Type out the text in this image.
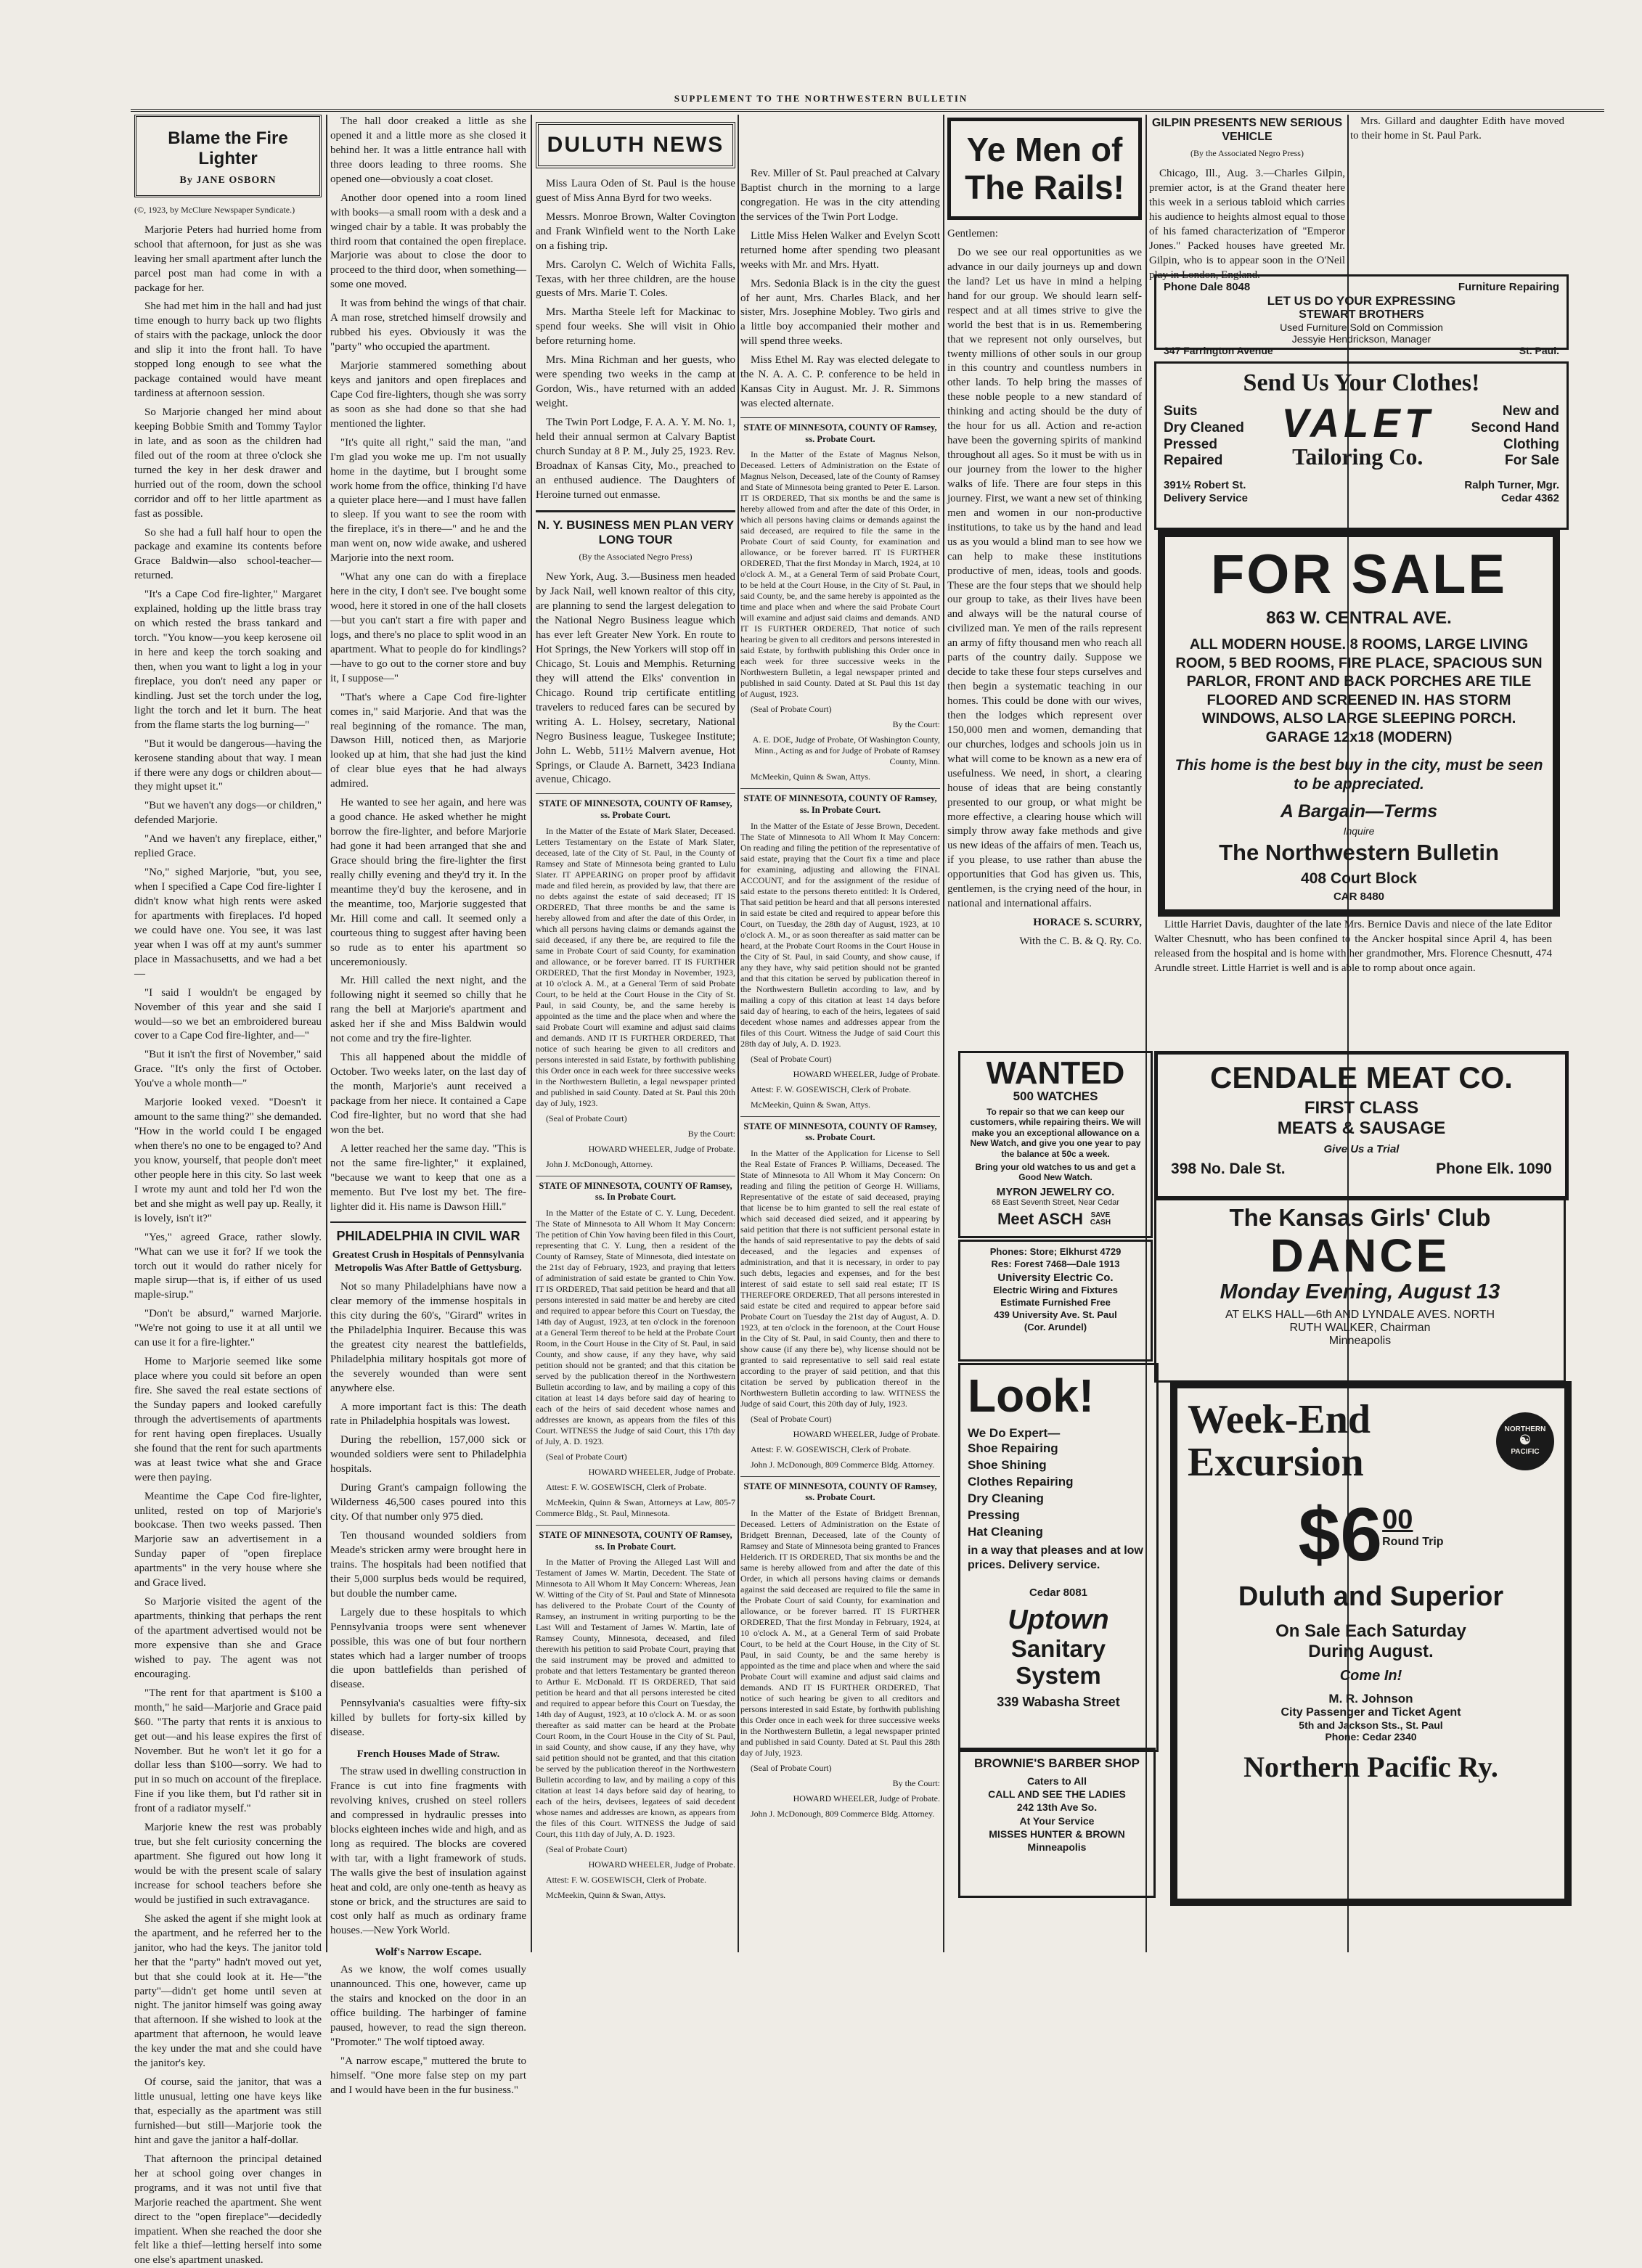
SUPPLEMENT TO THE NORTHWESTERN BULLETIN
Blame the Fire Lighter
By JANE OSBORN
(©, 1923, by McClure Newspaper Syndicate.)

Marjorie Peters had hurried home from school that afternoon, for just as she was leaving her small apartment after lunch the parcel post man had come in with a package for her.

She had met him in the hall and had just time enough to hurry back up two flights of stairs with the package, unlock the door and slip it into the front hall. To have stopped long enough to see what the package contained would have meant tardiness at afternoon session.

So Marjorie changed her mind about keeping Bobbie Smith and Tommy Taylor in late, and as soon as the children had filed out of the room at three o'clock she turned the key in her desk drawer and hurried out of the room, down the school corridor and off to her little apartment as fast as possible.

So she had a full half hour to open the package and examine its contents before Grace Baldwin—also school-teacher—returned.

"It's a Cape Cod fire-lighter," Margaret explained, holding up the little brass tray on which rested the brass tankard and torch. "You know—you keep kerosene oil in here and keep the torch soaking and then, when you want to light a log in your fireplace, you don't need any paper or kindling. Just set the torch under the log, light the torch and let it burn. The heat from the flame starts the log burning—"

"But it would be dangerous—having the kerosene standing about that way. I mean if there were any dogs or children about—they might upset it."

"But we haven't any dogs—or children," defended Marjorie.

"And we haven't any fireplace, either," replied Grace.

"No," sighed Marjorie, "but, you see, when I specified a Cape Cod fire-lighter I didn't know what high rents were asked for apartments with fireplaces. I'd hoped we could have one. You see, it was last year when I was off at my aunt's summer place in Massachusetts, and we had a bet—

"I said I wouldn't be engaged by November of this year and she said I would—so we bet an embroidered bureau cover to a Cape Cod fire-lighter, and—"

"But it isn't the first of November," said Grace. "It's only the first of October. You've a whole month—"

Marjorie looked vexed. "Doesn't it amount to the same thing?" she demanded. "How in the world could I be engaged when there's no one to be engaged to? And you know, yourself, that people don't meet other people here in this city. So last week I wrote my aunt and told her I'd won the bet and she might as well pay up. Really, it is lovely, isn't it?"

"Yes," agreed Grace, rather slowly. "What can we use it for? If we took the torch out it would do rather nicely for maple sirup—that is, if either of us used maple-sirup."

"Don't be absurd," warned Marjorie. "We're not going to use it at all until we can use it for a fire-lighter."

Home to Marjorie seemed like some place where you could sit before an open fire. She saved the real estate sections of the Sunday papers and looked carefully through the advertisements of apartments for rent having open fireplaces. Usually she found that the rent for such apartments was at least twice what she and Grace were then paying.

Meantime the Cape Cod fire-lighter, unlited, rested on top of Marjorie's bookcase. Then two weeks passed. Then Marjorie saw an advertisement in a Sunday paper of "open fireplace apartments" in the very house where she and Grace lived.

So Marjorie visited the agent of the apartments, thinking that perhaps the rent of the apartment advertised would not be more expensive than she and Grace wished to pay. The agent was not encouraging.

"The rent for that apartment is $100 a month," he said—Marjorie and Grace paid $60. "The party that rents it is anxious to get out—and his lease expires the first of November. But he won't let it go for a dollar less than $100—sorry. We had to put in so much on account of the fireplace. Fine if you like them, but I'd rather sit in front of a radiator myself."

Marjorie knew the rest was probably true, but she felt curiosity concerning the apartment. She figured out how long it would be with the present scale of salary increase for school teachers before she would be justified in such extravagance.

She asked the agent if she might look at the apartment, and he referred her to the janitor, who had the keys. The janitor told her that the "party" hadn't moved out yet, but that she could look at it. He—"the party"—didn't get home until seven at night. The janitor himself was going away that afternoon. If she wished to look at the apartment that afternoon, he would leave the key under the mat and she could have the janitor's key.

Of course, said the janitor, that was a little unusual, letting one have keys like that, especially as the apartment was still furnished—but still—Marjorie took the hint and gave the janitor a half-dollar.

That afternoon the principal detained her at school going over changes in programs, and it was not until five that Marjorie reached the apartment. She went direct to the "open fireplace"—decidedly impatient. When she reached the door she felt like a thief—letting herself into some one else's apartment unasked.

The hall door creaked a little as she opened it and a little more as she closed it behind her. It was a little entrance hall with three doors leading to three rooms. She opened one—obviously a coat closet.

Another door opened into a room lined with books—a small room with a desk and a winged chair by a table. It was probably the third room that contained the open fireplace. Marjorie was about to close the door to proceed to the third door, when something—some one moved.

It was from behind the wings of that chair. A man rose, stretched himself drowsily and rubbed his eyes. Obviously it was the "party" who occupied the apartment.

Marjorie stammered something about keys and janitors and open fireplaces and Cape Cod fire-lighters, though she was sorry as soon as she had done so that she had mentioned the lighter.

"It's quite all right," said the man, "and I'm glad you woke me up. I'm not usually home in the daytime, but I brought some work home from the office, thinking I'd have a quieter place here—and I must have fallen to sleep. If you want to see the room with the fireplace, it's in there—" and he and the man went on, now wide awake, and ushered Marjorie into the next room.

"What any one can do with a fireplace here in the city, I don't see. I've bought some wood, here it stored in one of the hall closets—but you can't start a fire with paper and logs, and there's no place to split wood in an apartment. What to people do for kindlings?—have to go out to the corner store and buy it, I suppose—"

"That's where a Cape Cod fire-lighter comes in," said Marjorie. And that was the real beginning of the romance. The man, Dawson Hill, noticed then, as Marjorie looked up at him, that she had just the kind of clear blue eyes that he had always admired.

He wanted to see her again, and here was a good chance. He asked whether he might borrow the fire-lighter, and before Marjorie had gone it had been arranged that she and Grace should bring the fire-lighter the first really chilly evening and they'd try it. In the meantime they'd buy the kerosene, and in the meantime, too, Marjorie suggested that Mr. Hill come and call. It seemed only a courteous thing to suggest after having been so rude as to enter his apartment so unceremoniously.

Mr. Hill called the next night, and the following night it seemed so chilly that he rang the bell at Marjorie's apartment and asked her if she and Miss Baldwin would not come and try the fire-lighter.

This all happened about the middle of October. Two weeks later, on the last day of the month, Marjorie's aunt received a package from her niece. It contained a Cape Cod fire-lighter, but no word that she had won the bet.

A letter reached her the same day. "This is not the same fire-lighter," it explained, "because we want to keep that one as a memento. But I've lost my bet. The fire-lighter did it. His name is Dawson Hill."

PHILADELPHIA IN CIVIL WAR
Greatest Crush in Hospitals of Pennsylvania Metropolis Was After Battle of Gettysburg.

Not so many Philadelphians have now a clear memory of the immense hospitals in this city during the 60's, "Girard" writes in the Philadelphia Inquirer. Because this was the greatest city nearest the battlefields, Philadelphia military hospitals got more of the severely wounded than were sent anywhere else.

A more important fact is this: The death rate in Philadelphia hospitals was lowest.

During the rebellion, 157,000 sick or wounded soldiers were sent to Philadelphia hospitals.

During Grant's campaign following the Wilderness 46,500 cases poured into this city. Of that number only 975 died.

Ten thousand wounded soldiers from Meade's stricken army were brought here in trains. The hospitals had been notified that their 5,000 surplus beds would be required, but double the number came.

Largely due to these hospitals to which Pennsylvania troops were sent whenever possible, this was one of but four northern states which had a larger number of troops die upon battlefields than perished of disease.

Pennsylvania's casualties were fifty-six killed by bullets for forty-six killed by disease.

French Houses Made of Straw.

The straw used in dwelling construction in France is cut into fine fragments with revolving knives, crushed on steel rollers and compressed in hydraulic presses into blocks eighteen inches wide and high, and as long as required. The blocks are covered with tar, with a light framework of studs. The walls give the best of insulation against heat and cold, are only one-tenth as heavy as stone or brick, and the structures are said to cost only half as much as ordinary frame houses.—New York World.

Wolf's Narrow Escape.

As we know, the wolf comes usually unannounced. This one, however, came up the stairs and knocked on the door in an office building. The harbinger of famine paused, however, to read the sign thereon. "Promoter." The wolf tiptoed away.

"A narrow escape," muttered the brute to himself. "One more false step on my part and I would have been in the fur business."

DULUTH NEWS

Miss Laura Oden of St. Paul is the house guest of Miss Anna Byrd for two weeks.

Messrs. Monroe Brown, Walter Covington and Frank Winfield went to the North Lake on a fishing trip.

Mrs. Carolyn C. Welch of Wichita Falls, Texas, with her three children, are the house guests of Mrs. Marie T. Coles.

Mrs. Martha Steele left for Mackinac to spend four weeks. She will visit in Ohio before returning home.

Mrs. Mina Richman and her guests, who were spending two weeks in the camp at Gordon, Wis., have returned with an added weight.

The Twin Port Lodge, F. A. A. Y. M. No. 1, held their annual sermon at Calvary Baptist church Sunday at 8 P. M., July 25, 1923. Rev. Broadnax of Kansas City, Mo., preached to an enthused audience. The Daughters of Heroine turned out enmasse.

N. Y. BUSINESS MEN PLAN VERY LONG TOUR
(By the Associated Negro Press)

New York, Aug. 3.—Business men headed by Jack Nail, well known realtor of this city, are planning to send the largest delegation to the National Negro Business league which has ever left Greater New York. En route to Hot Springs, the New Yorkers will stop off in Chicago, St. Louis and Memphis. Returning they will attend the Elks' convention in Chicago. Round trip certificate entitling travelers to reduced fares can be secured by writing A. L. Holsey, secretary, National Negro Business league, Tuskegee Institute; John L. Webb, 511½ Malvern avenue, Hot Springs, or Claude A. Barnett, 3423 Indiana avenue, Chicago.

STATE OF MINNESOTA, COUNTY OF Ramsey, ss. Probate Court.

In the Matter of the Estate of Mark Slater, Deceased. Letters Testamentary on the Estate of Mark Slater, deceased, late of the City of St. Paul, in the County of Ramsey and State of Minnesota being granted to Lulu Slater. IT APPEARING on proper proof by affidavit made and filed herein, as provided by law, that there are no debts against the estate of said deceased; IT IS ORDERED, That three months be and the same is hereby allowed from and after the date of this Order, in which all persons having claims or demands against the said deceased, if any there be, are required to file the same in Probate Court of said County, for examination and allowance, or be forever barred. IT IS FURTHER ORDERED, That the first Monday in November, 1923, at 10 o'clock A. M., at a General Term of said Probate Court, to be held at the Court House in the City of St. Paul, in said County, be, and the same hereby is appointed as the time and the place when and where the said Probate Court will examine and adjust said claims and demands. AND IT IS FURTHER ORDERED, That notice of such hearing be given to all creditors and persons interested in said Estate, by forthwith publishing this Order once in each week for three successive weeks in the Northwestern Bulletin, a legal newspaper printed and published in said County. Dated at St. Paul this 20th day of July, 1923.

(Seal of Probate Court)

By the Court:

HOWARD WHEELER, Judge of Probate.

John J. McDonough, Attorney.

STATE OF MINNESOTA, COUNTY OF Ramsey, ss. In Probate Court.

In the Matter of the Estate of C. Y. Lung, Decedent. The State of Minnesota to All Whom It May Concern: The petition of Chin Yow having been filed in this Court, representing that C. Y. Lung, then a resident of the County of Ramsey, State of Minnesota, died intestate on the 21st day of February, 1923, and praying that letters of administration of said estate be granted to Chin Yow. IT IS ORDERED, That said petition be heard and that all persons interested in said matter be and hereby are cited and required to appear before this Court on Tuesday, the 14th day of August, 1923, at ten o'clock in the forenoon at a General Term thereof to be held at the Probate Court Room, in the Court House in the City of St. Paul, in said County, and show cause, if any they have, why said petition should not be granted; and that this citation be served by the publication thereof in the Northwestern Bulletin according to law, and by mailing a copy of this citation at least 14 days before said day of hearing to each of the heirs of said decedent whose names and addresses are known, as appears from the files of this Court. WITNESS the Judge of said Court, this 17th day of July, A. D. 1923.

(Seal of Probate Court)

HOWARD WHEELER, Judge of Probate.

Attest: F. W. GOSEWISCH, Clerk of Probate.

McMeekin, Quinn & Swan, Attorneys at Law, 805-7 Commerce Bldg., St. Paul, Minnesota.

STATE OF MINNESOTA, COUNTY OF Ramsey, ss. In Probate Court.

In the Matter of Proving the Alleged Last Will and Testament of James W. Martin, Decedent. The State of Minnesota to All Whom It May Concern: Whereas, Jean W. Witting of the City of St. Paul and State of Minnesota has delivered to the Probate Court of the County of Ramsey, an instrument in writing purporting to be the Last Will and Testament of James W. Martin, late of Ramsey County, Minnesota, deceased, and filed therewith his petition to said Probate Court, praying that the said instrument may be proved and admitted to probate and that letters Testamentary be granted thereon to Arthur E. McDonald. IT IS ORDERED, That said petition be heard and that all persons interested be cited and required to appear before this Court on Tuesday, the 14th day of August, 1923, at 10 o'clock A. M. or as soon thereafter as said matter can be heard at the Probate Court Room, in the Court House in the City of St. Paul, in said County, and show cause, if any they have, why said petition should not be granted, and that this citation be served by the publication thereof in the Northwestern Bulletin according to law, and by mailing a copy of this citation at least 14 days before said day of hearing, to each of the heirs, devisees, legatees of said decedent whose names and addresses are known, as appears from the files of this Court. WITNESS the Judge of said Court, this 11th day of July, A. D. 1923.

(Seal of Probate Court)

HOWARD WHEELER, Judge of Probate.

Attest: F. W. GOSEWISCH, Clerk of Probate.

McMeekin, Quinn & Swan, Attys.

Rev. Miller of St. Paul preached at Calvary Baptist church in the morning to a large congregation. He was in the city attending the services of the Twin Port Lodge.

Little Miss Helen Walker and Evelyn Scott returned home after spending two pleasant weeks with Mr. and Mrs. Hyatt.

Mrs. Sedonia Black is in the city the guest of her aunt, Mrs. Charles Black, and her sister, Mrs. Josephine Mobley. Two girls and a little boy accompanied their mother and will spend three weeks.

Miss Ethel M. Ray was elected delegate to the N. A. A. C. P. conference to be held in Kansas City in August. Mr. J. R. Simmons was elected alternate.

STATE OF MINNESOTA, COUNTY OF Ramsey, ss. Probate Court.

In the Matter of the Estate of Magnus Nelson, Deceased. Letters of Administration on the Estate of Magnus Nelson, Deceased, late of the County of Ramsey and State of Minnesota being granted to Peter E. Larson. IT IS ORDERED, That six months be and the same is hereby allowed from and after the date of this Order, in which all persons having claims or demands against the said deceased, are required to file the same in the Probate Court of said County, for examination and allowance, or be forever barred. IT IS FURTHER ORDERED, That the first Monday in March, 1924, at 10 o'clock A. M., at a General Term of said Probate Court, to be held at the Court House, in the City of St. Paul, in said County, be, and the same hereby is appointed as the time and place when and where the said Probate Court will examine and adjust said claims and demands. AND IT IS FURTHER ORDERED, That notice of such hearing be given to all creditors and persons interested in said Estate, by forthwith publishing this Order once in each week for three successive weeks in the Northwestern Bulletin, a legal newspaper printed and published in said County. Dated at St. Paul this 1st day of August, 1923.

(Seal of Probate Court)

By the Court:

A. E. DOE, Judge of Probate, Of Washington County, Minn., Acting as and for Judge of Probate of Ramsey County, Minn.

McMeekin, Quinn & Swan, Attys.

STATE OF MINNESOTA, COUNTY OF Ramsey, ss. In Probate Court.

In the Matter of the Estate of Jesse Brown, Decedent. The State of Minnesota to All Whom It May Concern: On reading and filing the petition of the representative of said estate, praying that the Court fix a time and place for examining, adjusting and allowing the FINAL ACCOUNT, and for the assignment of the residue of said estate to the persons thereto entitled: It Is Ordered, That said petition be heard and that all persons interested in said estate be cited and required to appear before this Court, on Tuesday, the 28th day of August, 1923, at 10 o'clock A. M., or as soon thereafter as said matter can be heard, at the Probate Court Rooms in the Court House in the City of St. Paul, in said County, and show cause, if any they have, why said petition should not be granted and that this citation be served by publication thereof in the Northwestern Bulletin according to law, and by mailing a copy of this citation at least 14 days before said day of hearing, to each of the heirs, legatees of said decedent whose names and addresses appear from the files of this Court. Witness the Judge of said Court this 28th day of July, A. D. 1923.

(Seal of Probate Court)

HOWARD WHEELER, Judge of Probate.

Attest: F. W. GOSEWISCH, Clerk of Probate.

McMeekin, Quinn & Swan, Attys.

STATE OF MINNESOTA, COUNTY OF Ramsey, ss. Probate Court.

In the Matter of the Application for License to Sell the Real Estate of Frances P. Williams, Deceased. The State of Minnesota to All Whom it May Concern: On reading and filing the petition of George H. Williams, Representative of the estate of said deceased, praying that license be to him granted to sell the real estate of which said deceased died seized, and it appearing by said petition that there is not sufficient personal estate in the hands of said representative to pay the debts of said deceased, and the legacies and expenses of administration, and that it is necessary, in order to pay such debts, legacies and expenses, and for the best interest of said estate to sell said real estate; IT IS THEREFORE ORDERED, That all persons interested in said estate be cited and required to appear before said Probate Court on Tuesday the 21st day of August, A. D. 1923, at ten o'clock in the forenoon, at the Court House in the City of St. Paul, in said County, then and there to show cause (if any there be), why license should not be granted to said representative to sell said real estate according to the prayer of said petition, and that this citation be served by publication thereof in the Northwestern Bulletin according to law. WITNESS the Judge of said Court, this 20th day of July, 1923.

(Seal of Probate Court)

HOWARD WHEELER, Judge of Probate.

Attest: F. W. GOSEWISCH, Clerk of Probate.

John J. McDonough, 809 Commerce Bldg. Attorney.

STATE OF MINNESOTA, COUNTY OF Ramsey, ss. Probate Court.

In the Matter of the Estate of Bridgett Brennan, Deceased. Letters of Administration on the Estate of Bridgett Brennan, Deceased, late of the County of Ramsey and State of Minnesota being granted to Frances Helderich. IT IS ORDERED, That six months be and the same is hereby allowed from and after the date of this Order, in which all persons having claims or demands against the said deceased are required to file the same in the Probate Court of said County, for examination and allowance, or be forever barred. IT IS FURTHER ORDERED, That the first Monday in February, 1924, at 10 o'clock A. M., at a General Term of said Probate Court, to be held at the Court House, in the City of St. Paul, in said County, be and the same hereby is appointed as the time and place when and where the said Probate Court will examine and adjust said claims and demands. AND IT IS FURTHER ORDERED, That notice of such hearing be given to all creditors and persons interested in said Estate, by forthwith publishing this Order once in each week for three successive weeks in the Northwestern Bulletin, a legal newspaper printed and published in said County. Dated at St. Paul this 28th day of July, 1923.

(Seal of Probate Court)

By the Court:

HOWARD WHEELER, Judge of Probate.

John J. McDonough, 809 Commerce Bldg. Attorney.

Ye Men of The Rails!

Gentlemen:

Do we see our real opportunities as we advance in our daily journeys up and down the land? Let us have in mind a helping hand for our group. We should learn self-respect and at all times strive to give the world the best that is in us. Remembering that we represent not only ourselves, but twenty millions of other souls in our group in this country and countless numbers in other lands. To help bring the masses of these noble people to a new standard of thinking and acting should be the duty of the hour for us all. Action and re-action have been the governing spirits of mankind throughout all ages. So it must be with us in our journey from the lower to the higher walks of life. There are four steps in this journey. First, we want a new set of thinking men and women in our non-productive institutions, to take us by the hand and lead us as you would a blind man to see how we can help to make these institutions productive of men, ideas, tools and goods. These are the four steps that we should help our group to take, as their lives have been and always will be the natural course of civilized man. Ye men of the rails represent an army of fifty thousand men who reach all parts of the country daily. Suppose we decide to take these four steps curselves and then begin a systematic teaching in our homes. This could be done with our wives, then the lodges which represent over 150,000 men and women, demanding that our churches, lodges and schools join us in what will come to be known as a new era of usefulness. We need, in short, a clearing house of ideas that are being constantly presented to our group, or what might be more effective, a clearing house which will simply throw away fake methods and give us new ideas of the affairs of men. Teach us, if you please, to use rather than abuse the opportunities that God has given us. This, gentlemen, is the crying need of the hour, in national and international affairs.

HORACE S. SCURRY,

With the C. B. & Q. Ry. Co.

GILPIN PRESENTS NEW SERIOUS VEHICLE
(By the Associated Negro Press)

Chicago, Ill., Aug. 3.—Charles Gilpin, premier actor, is at the Grand theater here this week in a serious tabloid which carries his audience to heights almost equal to those of his famed characterization of "Emperor Jones." Packed houses have greeted Mr. Gilpin, who is to appear soon in the O'Neil play in London, England.

Mrs. Gillard and daughter Edith have moved to their home in St. Paul Park.

Phone Dale 8048	Furniture Repairing
LET US DO YOUR EXPRESSING
STEWART BROTHERS
Used Furniture Sold on Commission
Jessyie Hendrickson, Manager
347 Farrington Avenue	St. Paul.
Send Us Your Clothes!
Suits
Dry Cleaned
Pressed
Repaired
VALET
Tailoring Co.
New and
Second Hand
Clothing
For Sale
391½ Robert St.	Ralph Turner, Mgr.
Delivery Service	Cedar 4362
FOR SALE
863 W. CENTRAL AVE.
ALL MODERN HOUSE. 8 ROOMS, LARGE LIVING ROOM, 5 BED ROOMS, FIRE PLACE, SPACIOUS SUN PARLOR, FRONT AND BACK PORCHES ARE TILE FLOORED AND SCREENED IN. HAS STORM WINDOWS, ALSO LARGE SLEEPING PORCH. GARAGE 12x18 (MODERN)
This home is the best buy in the city, must be seen to be appreciated.
A Bargain—Terms
Inquire
The Northwestern Bulletin
408 Court Block
CAR 8480

Little Harriet Davis, daughter of the late Mrs. Bernice Davis and niece of the late Editor Walter Chesnutt, who has been confined to the Ancker hospital since April 4, has been released from the hospital and is home with her grandmother, Mrs. Florence Chesnutt, 474 Arundle street. Little Harriet is well and is able to romp about once again.

WANTED
500 WATCHES
To repair so that we can keep our customers, while repairing theirs. We will make you an exceptional allowance on a New Watch, and give you one year to pay the balance at 50c a week.
Bring your old watches to us and get a Good New Watch.
MYRON JEWELRY CO.
68 East Seventh Street, Near Cedar
Meet ASCH	SAVE CASH
Phones: Store; Elkhurst 4729
Res: Forest 7468—Dale 1913
University Electric Co.
Electric Wiring and Fixtures
Estimate Furnished Free
439 University Ave. St. Paul
(Cor. Arundel)
Look!
We Do Expert—
Shoe Repairing
Shoe Shining
Clothes Repairing
Dry Cleaning
Pressing
Hat Cleaning
in a way that pleases and at low prices. Delivery service.
Cedar 8081
Uptown
Sanitary System
339 Wabasha Street
BROWNIE'S BARBER SHOP
Caters to All
CALL AND SEE THE LADIES
242 13th Ave So.
At Your Service
MISSES HUNTER & BROWN
Minneapolis
CENDALE MEAT CO.
FIRST CLASS
MEATS & SAUSAGE
Give Us a Trial
398 No. Dale St.	Phone Elk. 1090
The Kansas Girls' Club
DANCE
Monday Evening, August 13
AT ELKS HALL—6th AND LYNDALE AVES. NORTH
RUTH WALKER, Chairman
Minneapolis
Week-End
Excursion
NORTHERN
☯
PACIFIC
$6 00
Round Trip
Duluth and Superior
On Sale Each Saturday
During August.
Come In!
M. R. Johnson
City Passenger and Ticket Agent
5th and Jackson Sts., St. Paul
Phone: Cedar 2340
Northern Pacific Ry.
